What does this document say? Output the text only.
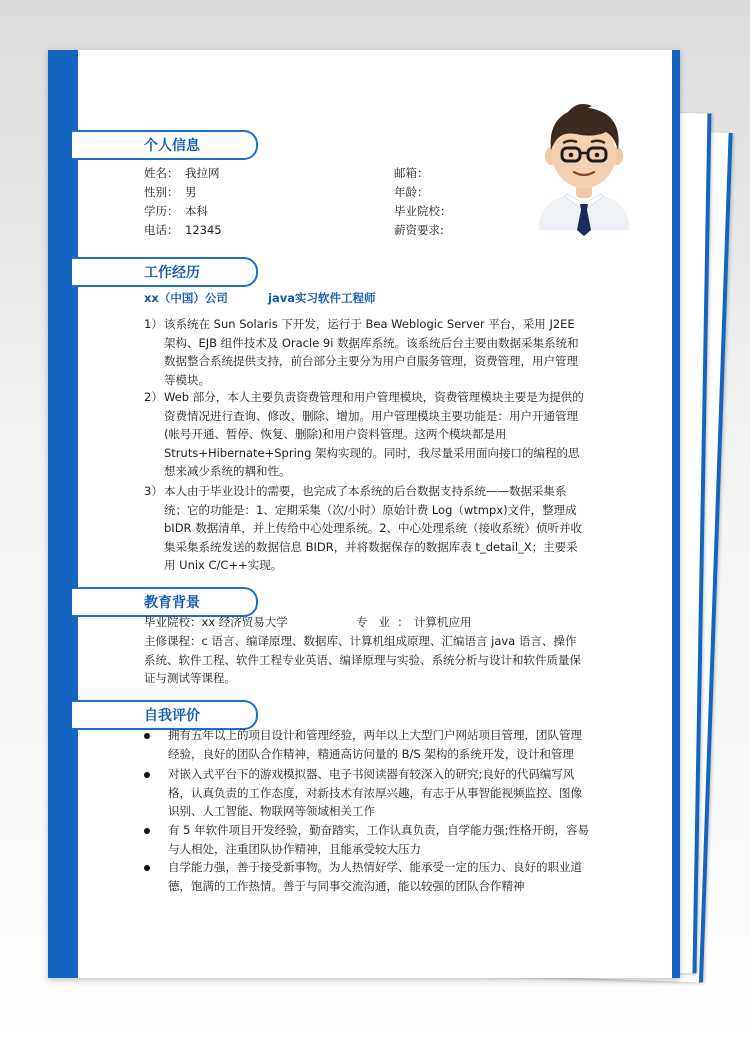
个人信息
姓名： 我拉网
性别： 男
学历： 本科
电话： 12345
邮箱：
年龄：
毕业院校：
薪资要求:
工作经历
xx（中国）公司	java实习软件工程师
1） 该系统在 Sun Solaris 下开发，运行于 Bea Weblogic Server 平台，采用 J2EE 架构、EJB 组件技术及 Oracle 9i 数据库系统。该系统后台主要由数据采集系统和数据整合系统提供支持，前台部分主要分为用户自服务管理，资费管理，用户管理等模块。
2） Web 部分，本人主要负责资费管理和用户管理模块，资费管理模块主要是为提供的资费情况进行查询、修改、删除、增加。用户管理模块主要功能是：用户开通管理(帐号开通、暂停、恢复、删除)和用户资料管理。这两个模块都是用 Struts+Hibernate+Spring 架构实现的。同时，我尽量采用面向接口的编程的思想来减少系统的耦和性。
3） 本人由于毕业设计的需要，也完成了本系统的后台数据支持系统——数据采集系统；它的功能是：1、定期采集（次/小时）原始计费 Log（wtmpx)文件，整理成 bIDR 数据清单，并上传给中心处理系统。2、中心处理系统（接收系统）侦听并收集采集系统发送的数据信息 BIDR，并将数据保存的数据库表 t_detail_X；主要采用 Unix C/C++实现。
教育背景
毕业院校：xx 经济贸易大学	专   业  ： 计算机应用
主修课程：c 语言、编译原理、数据库、计算机组成原理、汇编语言 java 语言、操作系统、软件工程、软件工程专业英语、编译原理与实验、系统分析与设计和软件质量保证与测试等课程。
自我评价
拥有五年以上的项目设计和管理经验，两年以上大型门户网站项目管理，团队管理经验，良好的团队合作精神，精通高访问量的 B/S 架构的系统开发，设计和管理
对嵌入式平台下的游戏模拟器、电子书阅读器有较深入的研究;良好的代码编写风格，认真负责的工作态度，对新技术有浓厚兴趣，有志于从事智能视频监控、图像识别、人工智能、物联网等领域相关工作
有 5 年软件项目开发经验，勤奋踏实，工作认真负责，自学能力强;性格开朗，容易与人相处，注重团队协作精神，且能承受较大压力
自学能力强，善于接受新事物。为人热情好学、能承受一定的压力、良好的职业道德，饱满的工作热情。善于与同事交流沟通，能以较强的团队合作精神
